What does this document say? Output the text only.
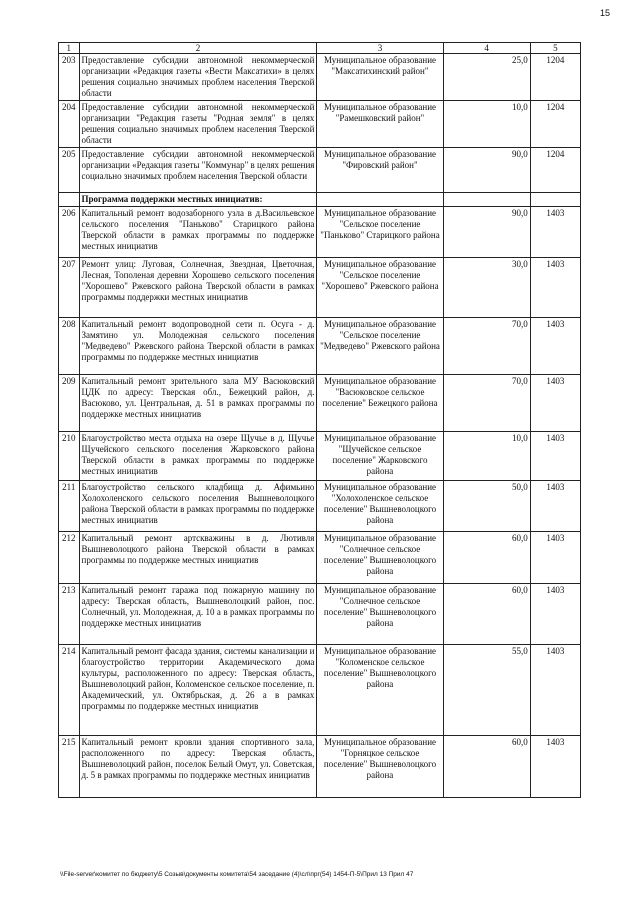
15
1	2	3	4	5
203	Предоставление субсидии автономной некоммерческой организации «Редакция газеты «Вести Максатихи» в целях решения социально значимых проблем населения Тверской области	Муниципальное образование "Максатихинский район"	25,0	1204
204	Предоставление субсидии автономной некоммерческой организации "Редакция газеты "Родная земля" в целях решения социально значимых проблем населения Тверской области	Муниципальное образование "Рамешковский район"	10,0	1204
205	Предоставление субсидии автономной некоммерческой организации «Редакция газеты "Коммунар" в целях решения социально значимых проблем населения Тверской области	Муниципальное образование "Фировский район"	90,0	1204
	Программа поддержки местных инициатив:			
206	Капитальный ремонт водозаборного узла в д.Васильевское сельского поселения "Паньково" Старицкого района Тверской области в рамках программы по поддержке местных инициатив	Муниципальное образование "Сельское поселение "Паньково" Старицкого района	90,0	1403
207	Ремонт улиц: Луговая, Солнечная, Звездная, Цветочная, Лесная, Тополеная деревни Хорошево сельского поселения "Хорошево" Ржевского района Тверской области в рамках программы поддержки местных инициатив	Муниципальное образование "Сельское поселение "Хорошево" Ржевского района	30,0	1403
208	Капитальный ремонт водопроводной сети п. Осуга - д. Замятино ул. Молодежная сельского поселения "Медведево" Ржевского района Тверской области в рамках программы по поддержке местных инициатив	Муниципальное образование "Сельское поселение "Медведево" Ржевского района	70,0	1403
209	Капитальный ремонт зрительного зала МУ Васюковский ЦДК по адресу: Тверская обл., Бежецкий район, д. Васюково, ул. Центральная, д. 51 в рамках программы по поддержке местных инициатив	Муниципальное образование "Васюковское сельское поселение" Бежецкого района	70,0	1403
210	Благоустройство места отдыха на озере Щучье в д. Щучье Щучейского сельского поселения Жарковского района Тверской области в рамках программы по поддержке местных инициатив	Муниципальное образование "Щучейское сельское поселение" Жарковского района	10,0	1403
211	Благоустройство сельского кладбища д. Афимьино Холохоленского сельского поселения Вышневолоцкого района Тверской области в рамках программы по поддержке местных инициатив	Муниципальное образование "Холохоленское сельское поселение" Вышневолоцкого района	50,0	1403
212	Капитальный ремонт артскважины в д. Лютивля Вышневолоцкого района Тверской области в рамках программы по поддержке местных инициатив	Муниципальное образование "Солнечное сельское поселение" Вышневолоцкого района	60,0	1403
213	Капитальный ремонт гаража под пожарную машину по адресу: Тверская область, Вышневолоцкий район, пос. Солнечный, ул. Молодежная, д. 10 а в рамках программы по поддержке местных инициатив	Муниципальное образование "Солнечное сельское поселение" Вышневолоцкого района	60,0	1403
214	Капитальный ремонт фасада здания, системы канализации и благоустройство территории Академического дома культуры, расположенного по адресу: Тверская область, Вышневолоцкий район, Коломенское сельское поселение, п. Академический, ул. Октябрьская, д. 26 а в рамках программы по поддержке местных инициатив	Муниципальное образование "Коломенское сельское поселение" Вышневолоцкого района	55,0	1403
215	Капитальный ремонт кровли здания спортивного зала, расположенного по адресу: Тверская область, Вышневолоцкий район, поселок Белый Омут, ул. Советская, д. 5 в рамках программы по поддержке местных инициатив	Муниципальное образование "Горняцкое сельское поселение" Вышневолоцкого района	60,0	1403
\\File-server\комитет по бюджету\5 Созыв\документы комитета\54 заседание (4)\сл\прг(54) 1454-П-5\Прил 13 Прил 47
